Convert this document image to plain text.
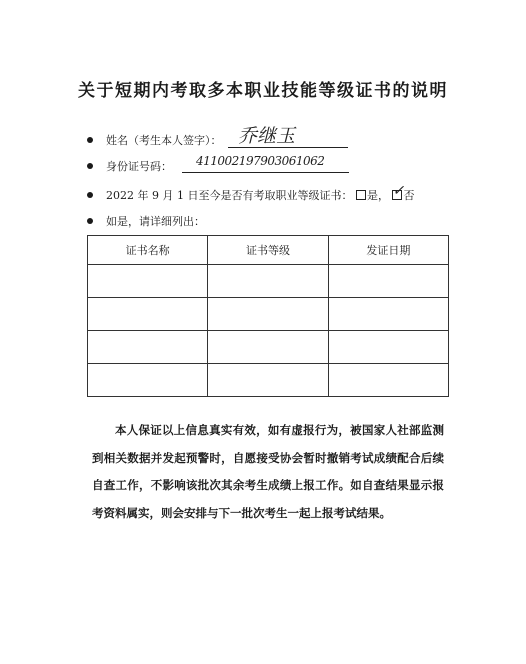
关于短期内考取多本职业技能等级证书的说明
姓名（考生本人签字）： 乔继玉
身份证号码： 411002197903061062
2022 年 9 月 1 日至今是否有考取职业等级证书： 是， ✓ 否
如是，请详细列出：
证书名称	证书等级	发证日期

本人保证以上信息真实有效，如有虚报行为，被国家人社部监测到相关数据并发起预警时，自愿接受协会暂时撤销考试成绩配合后续自查工作，不影响该批次其余考生成绩上报工作。如自查结果显示报考资料属实，则会安排与下一批次考生一起上报考试结果。
